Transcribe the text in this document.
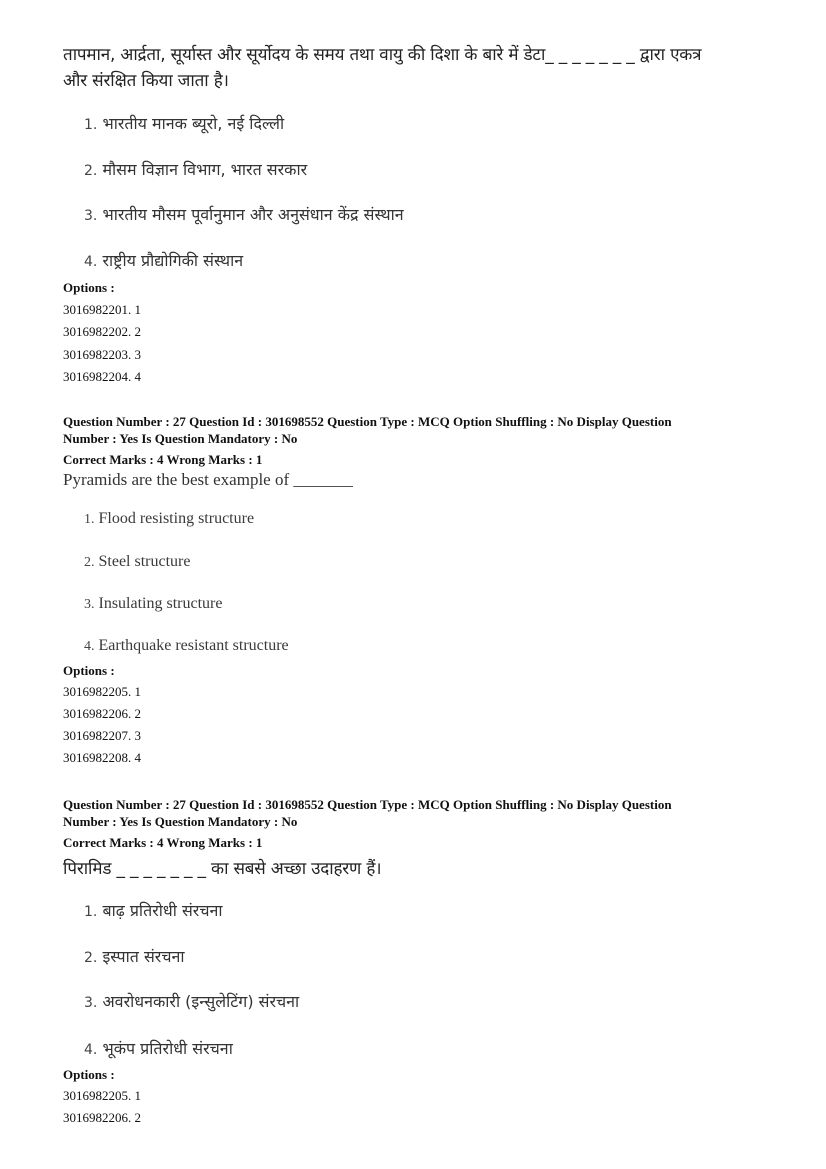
तापमान, आर्द्रता, सूर्यास्त और सूर्योदय के समय तथा वायु की दिशा के बारे में डेटा_ _ _ _ _ _ _ द्वारा एकत्र
और संरक्षित किया जाता है।
1. भारतीय मानक ब्यूरो, नई दिल्ली
2. मौसम विज्ञान विभाग, भारत सरकार
3. भारतीय मौसम पूर्वानुमान और अनुसंधान केंद्र संस्थान
4. राष्ट्रीय प्रौद्योगिकी संस्थान
Options :
3016982201. 1
3016982202. 2
3016982203. 3
3016982204. 4
Question Number : 27 Question Id : 301698552 Question Type : MCQ Option Shuffling : No Display Question
Number : Yes Is Question Mandatory : No
Correct Marks : 4 Wrong Marks : 1
Pyramids are the best example of _______
1. Flood resisting structure
2. Steel structure
3. Insulating structure
4. Earthquake resistant structure
Options :
3016982205. 1
3016982206. 2
3016982207. 3
3016982208. 4
Question Number : 27 Question Id : 301698552 Question Type : MCQ Option Shuffling : No Display Question
Number : Yes Is Question Mandatory : No
Correct Marks : 4 Wrong Marks : 1
पिरामिड _ _ _ _ _ _ _ का सबसे अच्छा उदाहरण हैं।
1. बाढ़ प्रतिरोधी संरचना
2. इस्पात संरचना
3. अवरोधनकारी (इन्सुलेटिंग) संरचना
4. भूकंप प्रतिरोधी संरचना
Options :
3016982205. 1
3016982206. 2
